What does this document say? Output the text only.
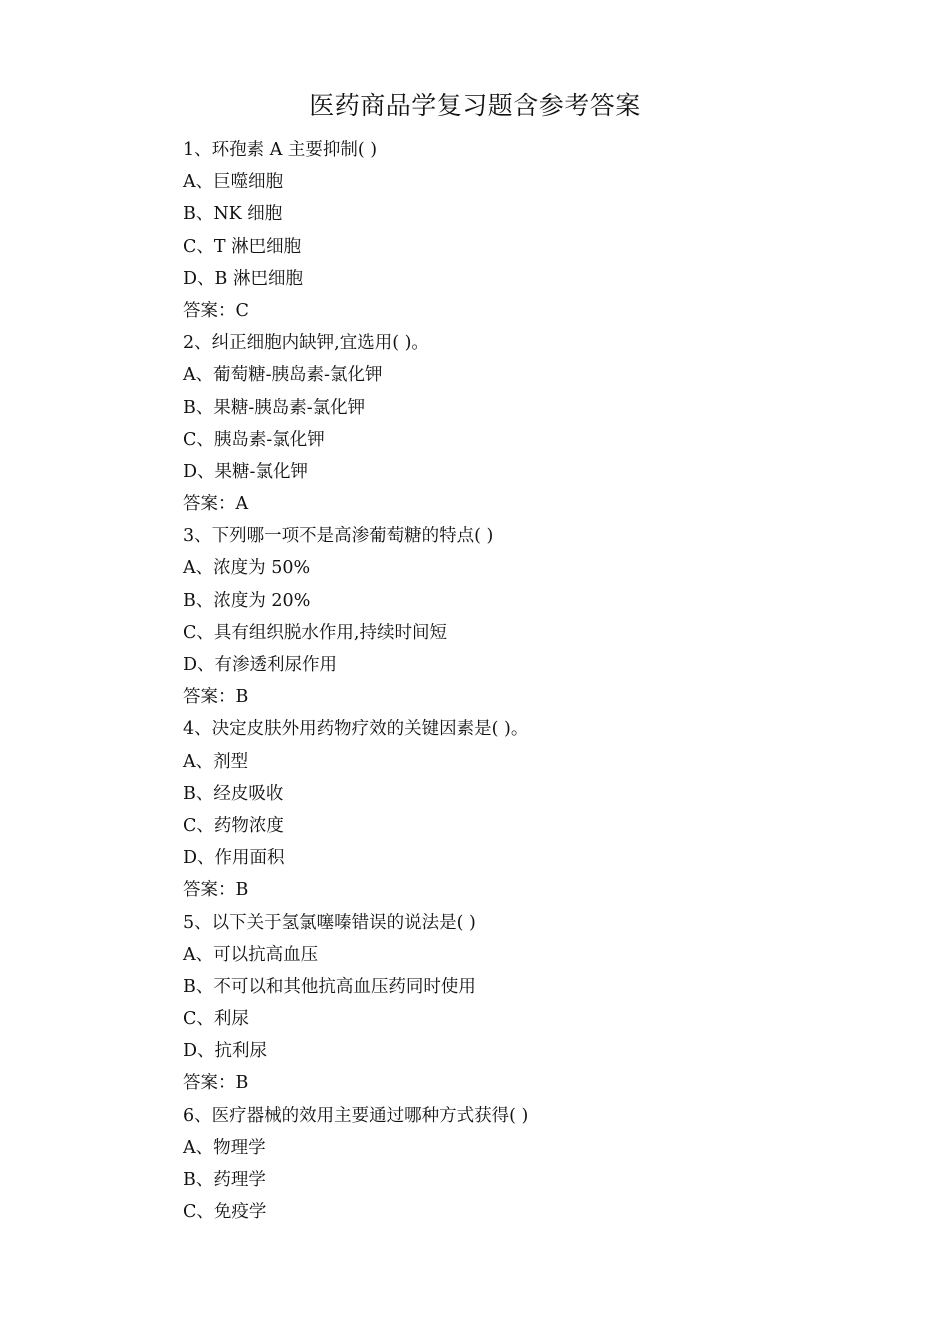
医药商品学复习题含参考答案
1、环孢素 A 主要抑制( )
A、巨噬细胞
B、NK 细胞
C、T 淋巴细胞
D、B 淋巴细胞
答案：C
2、纠正细胞内缺钾,宜选用( )。
A、葡萄糖-胰岛素-氯化钾
B、果糖-胰岛素-氯化钾
C、胰岛素-氯化钾
D、果糖-氯化钾
答案：A
3、下列哪一项不是高渗葡萄糖的特点( )
A、浓度为 50%
B、浓度为 20%
C、具有组织脱水作用,持续时间短
D、有渗透利尿作用
答案：B
4、决定皮肤外用药物疗效的关键因素是( )。
A、剂型
B、经皮吸收
C、药物浓度
D、作用面积
答案：B
5、以下关于氢氯噻嗪错误的说法是( )
A、可以抗高血压
B、不可以和其他抗高血压药同时使用
C、利尿
D、抗利尿
答案：B
6、医疗器械的效用主要通过哪种方式获得( )
A、物理学
B、药理学
C、免疫学
